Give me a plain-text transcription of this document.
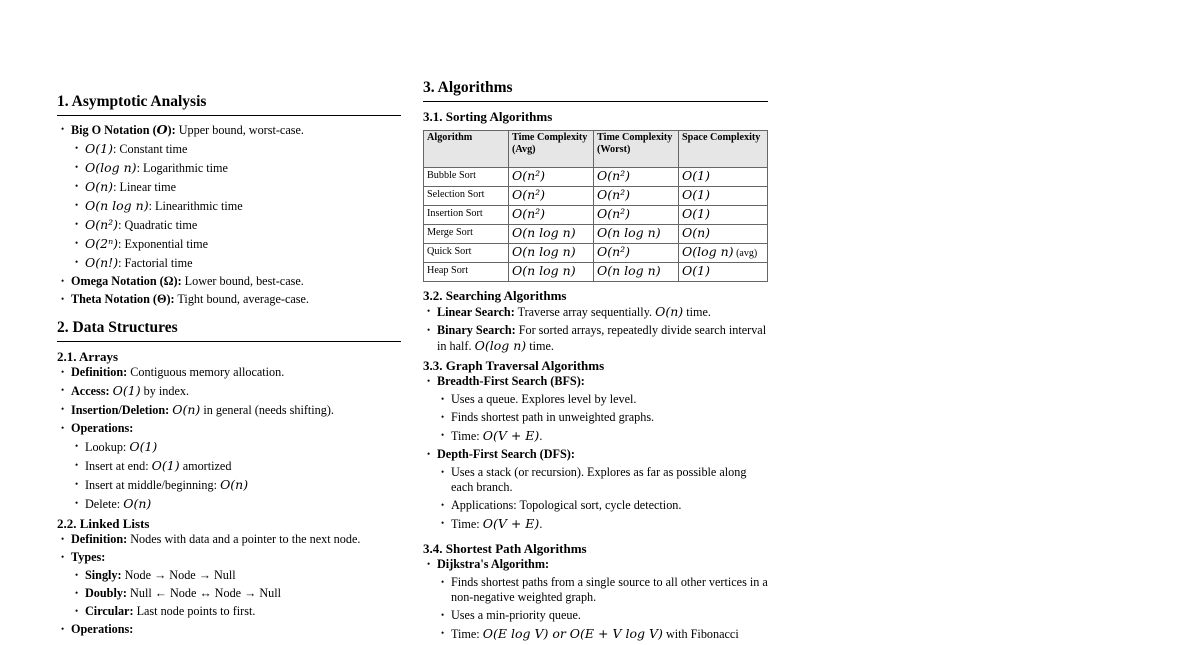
1. Asymptotic Analysis
• Big O Notation (O): Upper bound, worst-case.
• O(1): Constant time
• O(log n): Logarithmic time
• O(n): Linear time
• O(n log n): Linearithmic time
• O(n²): Quadratic time
• O(2ⁿ): Exponential time
• O(n!): Factorial time
• Omega Notation (Ω): Lower bound, best-case.
• Theta Notation (Θ): Tight bound, average-case.
2. Data Structures
2.1. Arrays
• Definition: Contiguous memory allocation.
• Access: O(1) by index.
• Insertion/Deletion: O(n) in general (needs shifting).
• Operations:
• Lookup: O(1)
• Insert at end: O(1) amortized
• Insert at middle/beginning: O(n)
• Delete: O(n)
2.2. Linked Lists
• Definition: Nodes with data and a pointer to the next node.
• Types:
• Singly: Node → Node → Null
• Doubly: Null ← Node ↔ Node → Null
• Circular: Last node points to first.
• Operations:
3. Algorithms
3.1. Sorting Algorithms
Algorithm	Time Complexity (Avg)	Time Complexity (Worst)	Space Complexity
Bubble Sort	O(n²)	O(n²)	O(1)
Selection Sort	O(n²)	O(n²)	O(1)
Insertion Sort	O(n²)	O(n²)	O(1)
Merge Sort	O(n log n)	O(n log n)	O(n)
Quick Sort	O(n log n)	O(n²)	O(log n) (avg)
Heap Sort	O(n log n)	O(n log n)	O(1)
3.2. Searching Algorithms
• Linear Search: Traverse array sequentially. O(n) time.
• Binary Search: For sorted arrays, repeatedly divide search interval in half. O(log n) time.
3.3. Graph Traversal Algorithms
• Breadth-First Search (BFS):
• Uses a queue. Explores level by level.
• Finds shortest path in unweighted graphs.
• Time: O(V + E).
• Depth-First Search (DFS):
• Uses a stack (or recursion). Explores as far as possible along each branch.
• Applications: Topological sort, cycle detection.
• Time: O(V + E).
3.4. Shortest Path Algorithms
• Dijkstra's Algorithm:
• Finds shortest paths from a single source to all other vertices in a non-negative weighted graph.
• Uses a min-priority queue.
• Time: O(E log V) or O(E + V log V) with Fibonacci
